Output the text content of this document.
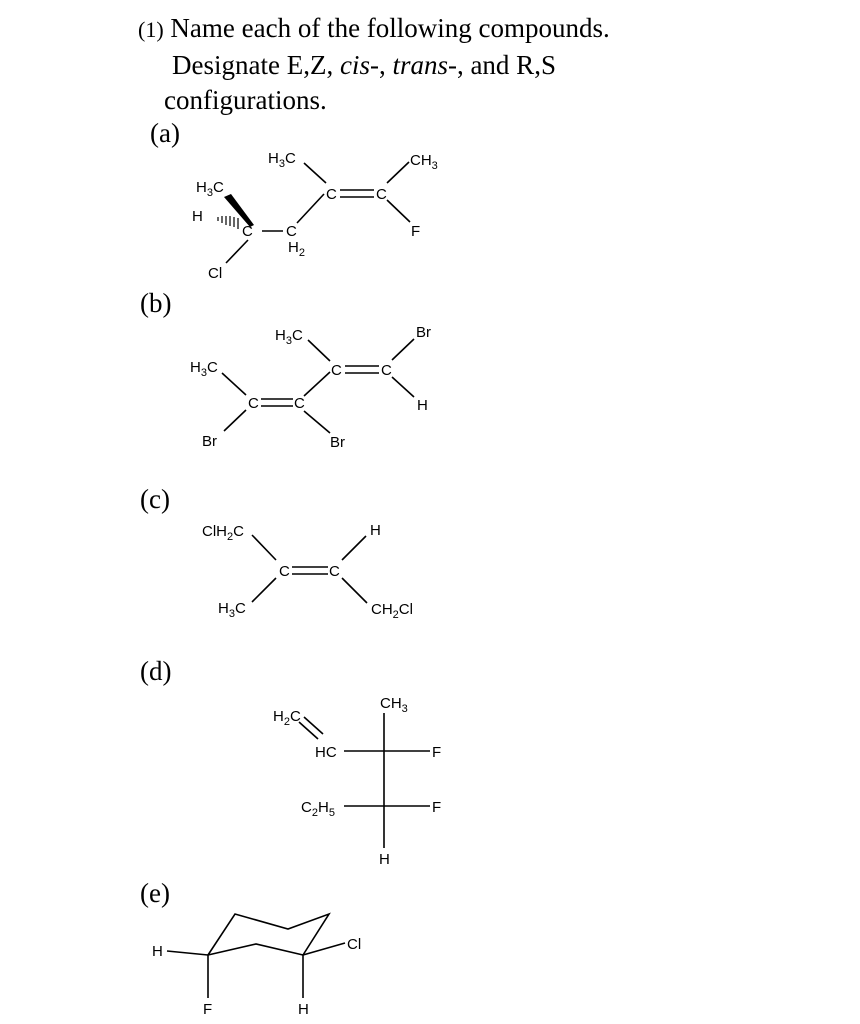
(1) Name each of the following compounds.
Designate E,Z, cis-, trans-, and R,S
configurations.
(a)
(b)
(c)
(d)
(e)
$H_3C$
H
C
Cl
C
$H_2$
$H_3C$
C	C
$CH_3$
F
$H_3C$
Br
C C
Br
$H_3C$
C	C
Br
H
ClH$_2$C
$H_3C$
C	C
H
$CH_2Cl$
$H_2C$
HC
$C_2H_5$
$CH_3$
F
F
H
H
F
Cl
H
